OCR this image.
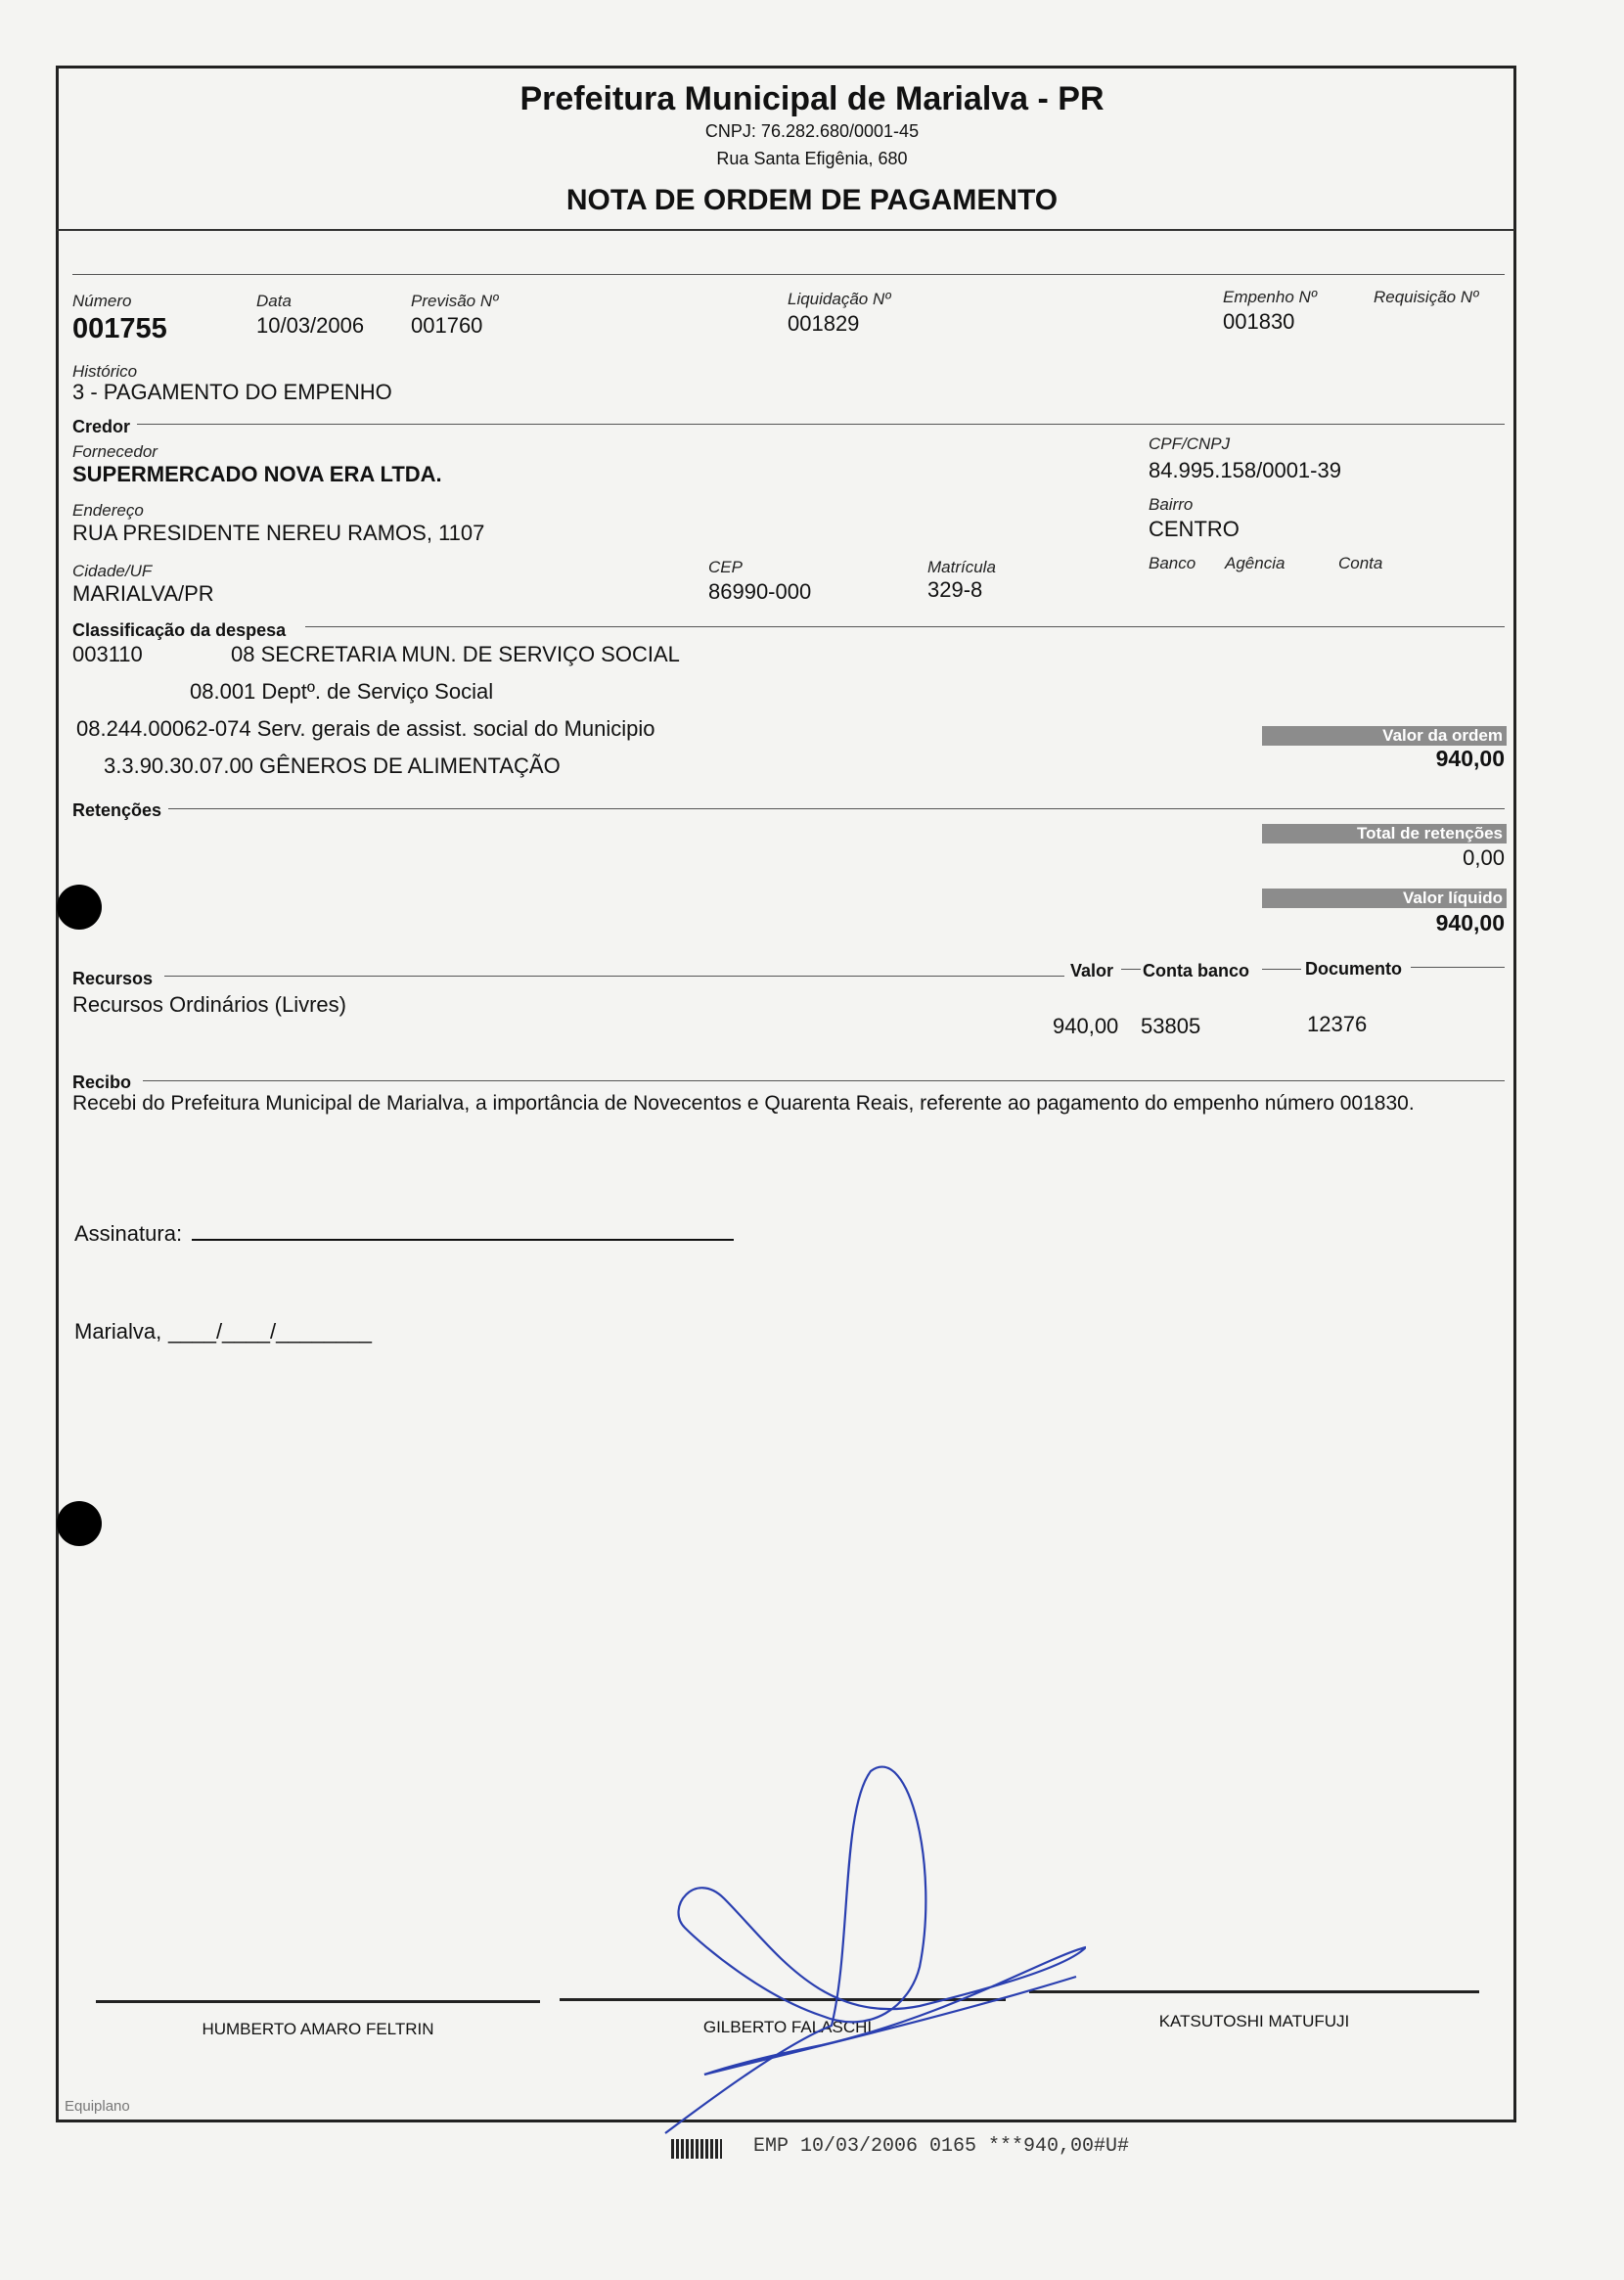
Prefeitura Municipal de Marialva - PR
CNPJ: 76.282.680/0001-45
Rua Santa Efigênia, 680
NOTA DE ORDEM DE PAGAMENTO
Número
001755
Data
10/03/2006
Previsão Nº
001760
Liquidação Nº
001829
Empenho Nº
001830
Requisição Nº
Histórico
3 - PAGAMENTO DO EMPENHO
Credor
Fornecedor
SUPERMERCADO NOVA ERA LTDA.
CPF/CNPJ
84.995.158/0001-39
Endereço
RUA PRESIDENTE NEREU RAMOS, 1107
Bairro
CENTRO
Cidade/UF
MARIALVA/PR
CEP
86990-000
Matrícula
329-8
Banco Agência	Conta
Classificação da despesa
003110	08 SECRETARIA MUN. DE SERVIÇO SOCIAL
08.001 Deptº. de Serviço Social
08.244.00062-074 Serv. gerais de assist. social do Municipio
3.3.90.30.07.00 GÊNEROS DE ALIMENTAÇÃO
Valor da ordem
940,00
Retenções
Total de retenções
0,00
Valor líquido
940,00
Recursos	Valor Conta banco	Documento
Recursos Ordinários (Livres)
940,00 53805	12376
Recibo
Recebi do Prefeitura Municipal de Marialva, a importância de Novecentos e Quarenta Reais, referente ao pagamento do empenho número 001830.
Assinatura:
Marialva, ____/____/________
HUMBERTO AMARO FELTRIN	GILBERTO FALASCHI	KATSUTOSHI MATUFUJI
Equiplano
EMP 10/03/2006 0165 ***940,00#U#
